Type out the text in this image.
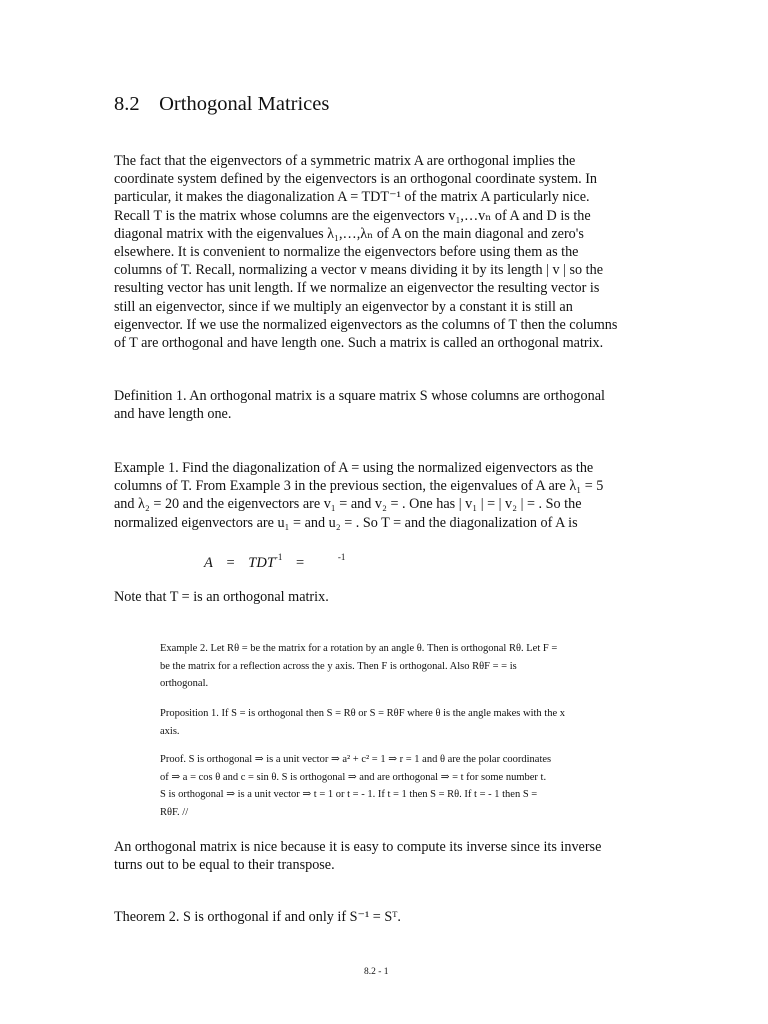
8.2 Orthogonal Matrices
The fact that the eigenvectors of a symmetric matrix A are orthogonal implies the
coordinate system defined by the eigenvectors is an orthogonal coordinate system. In
particular, it makes the diagonalization A = TDT⁻¹ of the matrix A particularly nice.
Recall T is the matrix whose columns are the eigenvectors v₁,…vₙ of A and D is the
diagonal matrix with the eigenvalues λ₁,…,λₙ of A on the main diagonal and zero's
elsewhere. It is convenient to normalize the eigenvectors before using them as the
columns of T. Recall, normalizing a vector v means dividing it by its length | v | so the
resulting vector has unit length. If we normalize an eigenvector the resulting vector is
still an eigenvector, since if we multiply an eigenvector by a constant it is still an
eigenvector. If we use the normalized eigenvectors as the columns of T then the columns
of T are orthogonal and have length one. Such a matrix is called an orthogonal matrix.
Definition 1. An orthogonal matrix is a square matrix S whose columns are orthogonal
and have length one.
Example 1. Find the diagonalization of A = using the normalized eigenvectors as the
columns of T. From Example 3 in the previous section, the eigenvalues of A are λ₁ = 5
and λ₂ = 20 and the eigenvectors are v₁ = and v₂ = . One has | v₁ | = | v₂ | = . So the
normalized eigenvectors are u₁ = and u₂ = . So T = and the diagonalization of A is
A = TDT-1 =	-1
Note that T = is an orthogonal matrix.
Example 2. Let Rθ = be the matrix for a rotation by an angle θ. Then is orthogonal Rθ. Let F =
be the matrix for a reflection across the y axis. Then F is orthogonal. Also RθF = = is
orthogonal.
Proposition 1. If S = is orthogonal then S = Rθ or S = RθF where θ is the angle makes with the x
axis.
Proof. S is orthogonal ⇒ is a unit vector ⇒ a² + c² = 1 ⇒ r = 1 and θ are the polar coordinates
of ⇒ a = cos θ and c = sin θ. S is orthogonal ⇒ and are orthogonal ⇒ = t for some number t.
S is orthogonal ⇒ is a unit vector ⇒ t = 1 or t = - 1. If t = 1 then S = Rθ. If t = - 1 then S =
RθF. //
An orthogonal matrix is nice because it is easy to compute its inverse since its inverse
turns out to be equal to their transpose.
Theorem 2. S is orthogonal if and only if S⁻¹ = Sᵀ.
8.2 - 1
